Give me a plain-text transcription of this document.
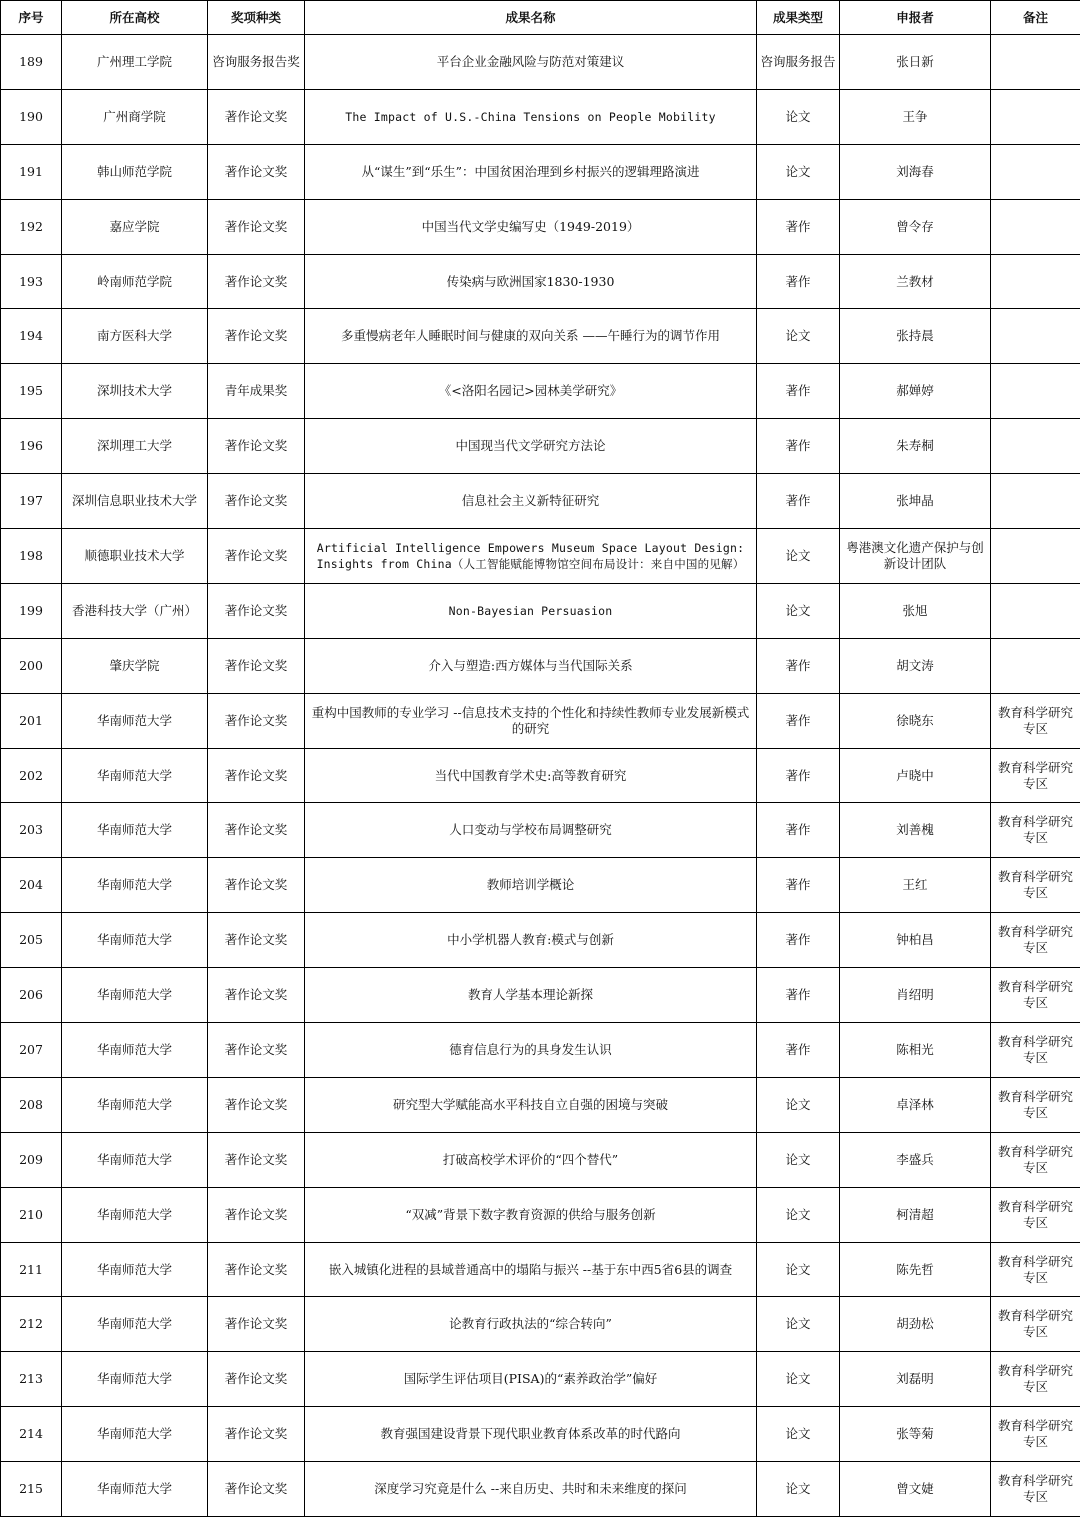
序号	所在高校	奖项种类	成果名称	成果类型	申报者	备注
189	广州理工学院	咨询服务报告奖	平台企业金融风险与防范对策建议	咨询服务报告	张日新	
190	广州商学院	著作论文奖	The Impact of U.S.-China Tensions on People Mobility	论文	王争	
191	韩山师范学院	著作论文奖	从“谋生”到“乐生”：中国贫困治理到乡村振兴的逻辑理路演进	论文	刘海春	
192	嘉应学院	著作论文奖	中国当代文学史编写史（1949-2019）	著作	曾令存	
193	岭南师范学院	著作论文奖	传染病与欧洲国家1830-1930	著作	兰教材	
194	南方医科大学	著作论文奖	多重慢病老年人睡眠时间与健康的双向关系 ——午睡行为的调节作用	论文	张持晨	
195	深圳技术大学	青年成果奖	《<洛阳名园记>园林美学研究》	著作	郝婵婷	
196	深圳理工大学	著作论文奖	中国现当代文学研究方法论	著作	朱寿桐	
197	深圳信息职业技术大学	著作论文奖	信息社会主义新特征研究	著作	张坤晶	
198	顺德职业技术大学	著作论文奖	Artificial Intelligence Empowers Museum Space Layout Design: Insights from China（人工智能赋能博物馆空间布局设计：来自中国的见解）	论文	粤港澳文化遗产保护与创新设计团队	
199	香港科技大学（广州）	著作论文奖	Non-Bayesian Persuasion	论文	张旭	
200	肇庆学院	著作论文奖	介入与塑造:西方媒体与当代国际关系	著作	胡文涛	
201	华南师范大学	著作论文奖	重构中国教师的专业学习 --信息技术支持的个性化和持续性教师专业发展新模式的研究	著作	徐晓东	教育科学研究专区
202	华南师范大学	著作论文奖	当代中国教育学术史:高等教育研究	著作	卢晓中	教育科学研究专区
203	华南师范大学	著作论文奖	人口变动与学校布局调整研究	著作	刘善槐	教育科学研究专区
204	华南师范大学	著作论文奖	教师培训学概论	著作	王红	教育科学研究专区
205	华南师范大学	著作论文奖	中小学机器人教育:模式与创新	著作	钟柏昌	教育科学研究专区
206	华南师范大学	著作论文奖	教育人学基本理论新探	著作	肖绍明	教育科学研究专区
207	华南师范大学	著作论文奖	德育信息行为的具身发生认识	著作	陈相光	教育科学研究专区
208	华南师范大学	著作论文奖	研究型大学赋能高水平科技自立自强的困境与突破	论文	卓泽林	教育科学研究专区
209	华南师范大学	著作论文奖	打破高校学术评价的“四个替代”	论文	李盛兵	教育科学研究专区
210	华南师范大学	著作论文奖	“双减”背景下数字教育资源的供给与服务创新	论文	柯清超	教育科学研究专区
211	华南师范大学	著作论文奖	嵌入城镇化进程的县域普通高中的塌陷与振兴 --基于东中西5省6县的调查	论文	陈先哲	教育科学研究专区
212	华南师范大学	著作论文奖	论教育行政执法的“综合转向”	论文	胡劲松	教育科学研究专区
213	华南师范大学	著作论文奖	国际学生评估项目(PISA)的“素养政治学”偏好	论文	刘磊明	教育科学研究专区
214	华南师范大学	著作论文奖	教育强国建设背景下现代职业教育体系改革的时代路向	论文	张等菊	教育科学研究专区
215	华南师范大学	著作论文奖	深度学习究竟是什么 --来自历史、共时和未来维度的探问	论文	曾文婕	教育科学研究专区
